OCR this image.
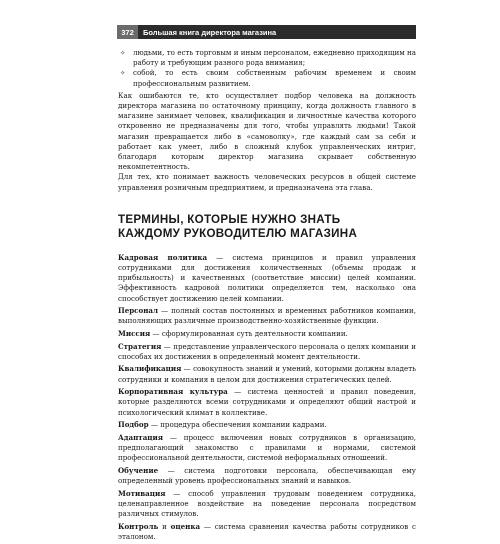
372	Большая книга директора магазина

✧ людьми, то есть торговым и иным персоналом, ежедневно приходящим на работу и требующим разного рода внимания;

✧ собой, то есть своим собственным рабочим временем и своим профессиональным развитием.

Как ошибаются те, кто осуществляет подбор человека на должность директора магазина по остаточному принципу, когда должность главного в магазине занимает человек, квалификация и личностные качества которого откровенно не предназначены для того, чтобы управлять людьми! Такой магазин превращается либо в «самоволку», где каждый сам за себя и работает как умеет, либо в сложный клубок управленческих интриг, благодаря которым директор магазина скрывает собственную некомпетентность.

Для тех, кто понимает важность человеческих ресурсов в общей системе управления розничным предприятием, и предназначена эта глава.

ТЕРМИНЫ, КОТОРЫЕ НУЖНО ЗНАТЬ
КАЖДОМУ РУКОВОДИТЕЛЮ МАГАЗИНА

Кадровая политика — система принципов и правил управления сотрудниками для достижения количественных (объемы продаж и прибыльность) и качественных (соответствие миссии) целей компании. Эффективность кадровой политики определяется тем, насколько она способствует достижению целей компании.

Персонал — полный состав постоянных и временных работников компании, выполняющих различные производственно-хозяйственные функции.

Миссия — сформулированная суть деятельности компании.

Стратегия — представление управленческого персонала о целях компании и способах их достижения в определенный момент деятельности.

Квалификация — совокупность знаний и умений, которыми должны владеть сотрудники и компания в целом для достижения стратегических целей.

Корпоративная культура — система ценностей и правил поведения, которые разделяются всеми сотрудниками и определяют общий настрой и психологический климат в коллективе.

Подбор — процедура обеспечения компании кадрами.

Адаптация — процесс включения новых сотрудников в организацию, предполагающий знакомство с правилами и нормами, системой профессиональной деятельности, системой неформальных отношений.

Обучение — система подготовки персонала, обеспечивающая ему определенный уровень профессиональных знаний и навыков.

Мотивация — способ управления трудовым поведением сотрудника, целенаправленное воздействие на поведение персонала посредством различных стимулов.

Контроль и оценка — система сравнения качества работы сотрудников с эталоном.
